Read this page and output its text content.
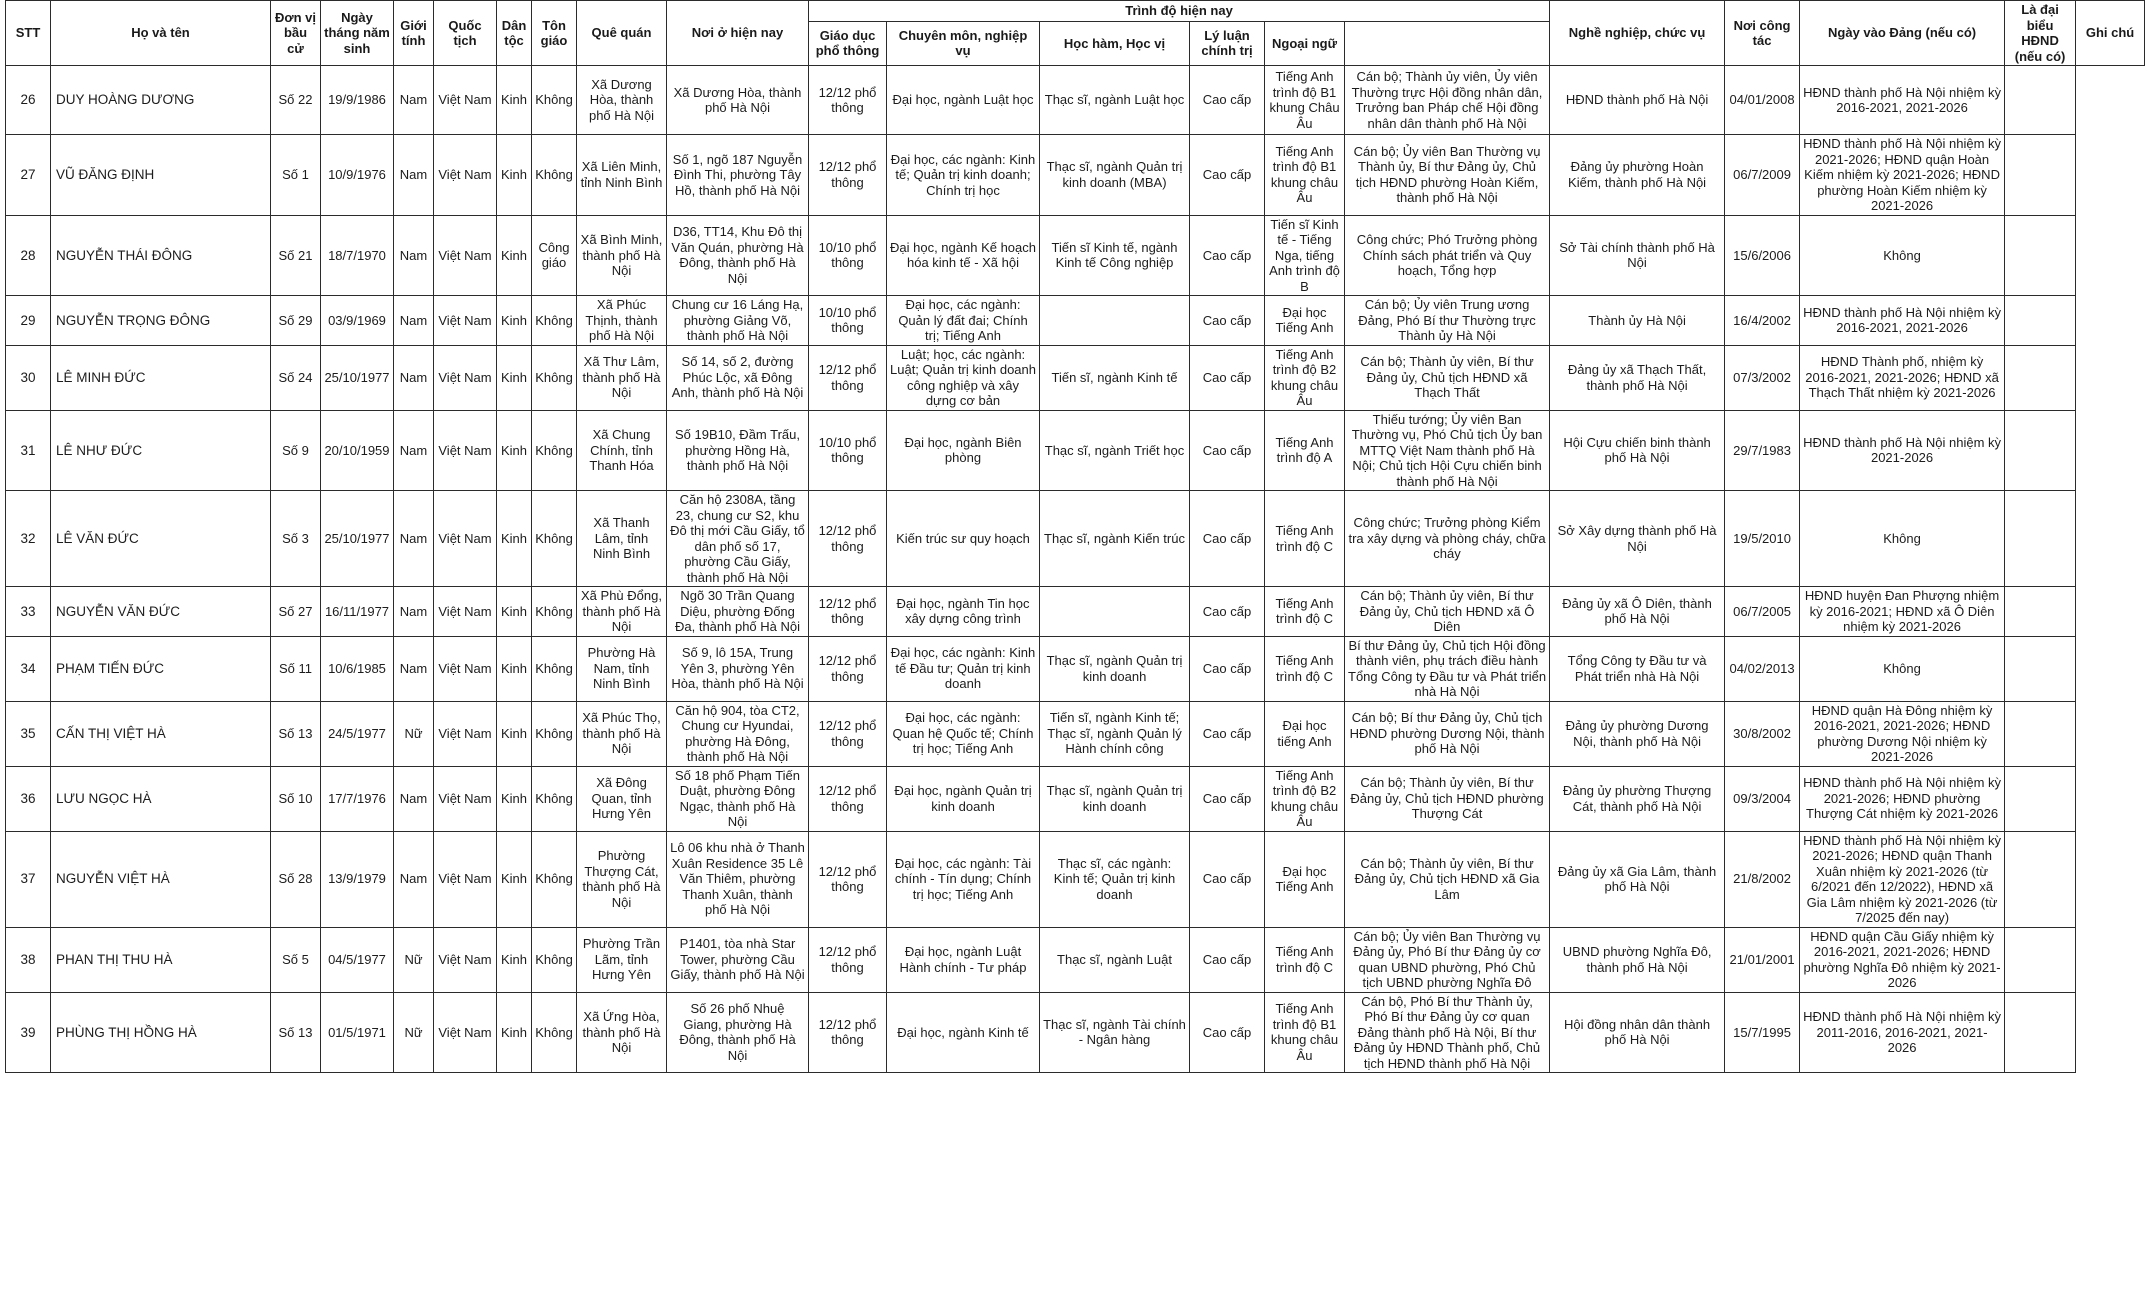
STT	Họ và tên	Đơn vị bầu cử	Ngày tháng năm sinh	Giới tính	Quốc tịch	Dân tộc	Tôn giáo	Quê quán	Nơi ở hiện nay	Trình độ hiện nay						Nghề nghiệp, chức vụ	Nơi công tác	Ngày vào Đảng (nếu có)	Là đại biểu HĐND (nếu có)	Ghi chú
										Giáo dục phổ thông	Chuyên môn, nghiệp vụ	Học hàm, Học vị	Lý luận chính trị	Ngoại ngữ						
26	DUY HOÀNG DƯƠNG	Số 22	19/9/1986	Nam	Việt Nam	Kinh	Không	Xã Dương Hòa, thành phố Hà Nội	Xã Dương Hòa, thành phố Hà Nội	12/12 phổ thông	Đại học, ngành Luật học	Thạc sĩ, ngành Luật học	Cao cấp	Tiếng Anh trình độ B1 khung Châu Âu	Cán bộ; Thành ủy viên, Ủy viên Thường trực Hội đồng nhân dân, Trưởng ban Pháp chế Hội đồng nhân dân thành phố Hà Nội	HĐND thành phố Hà Nội	04/01/2008	HĐND thành phố Hà Nội nhiệm kỳ 2016-2021, 2021-2026		
27	VŨ ĐĂNG ĐỊNH	Số 1	10/9/1976	Nam	Việt Nam	Kinh	Không	Xã Liên Minh, tỉnh Ninh Bình	Số 1, ngõ 187 Nguyễn Đình Thi, phường Tây Hồ, thành phố Hà Nội	12/12 phổ thông	Đại học, các ngành: Kinh tế; Quản trị kinh doanh; Chính trị học	Thạc sĩ, ngành Quản trị kinh doanh (MBA)	Cao cấp	Tiếng Anh trình độ B1 khung châu Âu	Cán bộ; Ủy viên Ban Thường vụ Thành ủy, Bí thư Đảng ủy, Chủ tịch HĐND phường Hoàn Kiếm, thành phố Hà Nội	Đảng ủy phường Hoàn Kiếm, thành phố Hà Nội	06/7/2009	HĐND thành phố Hà Nội nhiệm kỳ 2021-2026; HĐND quận Hoàn Kiếm nhiệm kỳ 2021-2026; HĐND phường Hoàn Kiếm nhiệm kỳ 2021-2026		
28	NGUYỄN THÁI ĐÔNG	Số 21	18/7/1970	Nam	Việt Nam	Kinh	Công giáo	Xã Bình Minh, thành phố Hà Nội	D36, TT14, Khu Đô thị Văn Quán, phường Hà Đông, thành phố Hà Nội	10/10 phổ thông	Đại học, ngành Kế hoạch hóa kinh tế - Xã hội	Tiến sĩ Kinh tế, ngành Kinh tế Công nghiệp	Cao cấp	Tiến sĩ Kinh tế - Tiếng Nga, tiếng Anh trình độ B	Công chức; Phó Trưởng phòng Chính sách phát triển và Quy hoạch, Tổng hợp	Sở Tài chính thành phố Hà Nội	15/6/2006	Không		
29	NGUYỄN TRỌNG ĐÔNG	Số 29	03/9/1969	Nam	Việt Nam	Kinh	Không	Xã Phúc Thịnh, thành phố Hà Nội	Chung cư 16 Láng Hạ, phường Giảng Võ, thành phố Hà Nội	10/10 phổ thông	Đại học, các ngành: Quản lý đất đai; Chính trị; Tiếng Anh		Cao cấp	Đại học Tiếng Anh	Cán bộ; Ủy viên Trung ương Đảng, Phó Bí thư Thường trực Thành ủy Hà Nội	Thành ủy Hà Nội	16/4/2002	HĐND thành phố Hà Nội nhiệm kỳ 2016-2021, 2021-2026		
30	LÊ MINH ĐỨC	Số 24	25/10/1977	Nam	Việt Nam	Kinh	Không	Xã Thư Lâm, thành phố Hà Nội	Số 14, số 2, đường Phúc Lộc, xã Đông Anh, thành phố Hà Nội	12/12 phổ thông	Luật; học, các ngành: Luật; Quản trị kinh doanh công nghiệp và xây dựng cơ bản	Tiến sĩ, ngành Kinh tế	Cao cấp	Tiếng Anh trình độ B2 khung châu Âu	Cán bộ; Thành ủy viên, Bí thư Đảng ủy, Chủ tịch HĐND xã Thạch Thất	Đảng ủy xã Thạch Thất, thành phố Hà Nội	07/3/2002	HĐND Thành phố, nhiệm kỳ 2016-2021, 2021-2026; HĐND xã Thạch Thất nhiệm kỳ 2021-2026		
31	LÊ NHƯ ĐỨC	Số 9	20/10/1959	Nam	Việt Nam	Kinh	Không	Xã Chung Chính, tỉnh Thanh Hóa	Số 19B10, Đầm Trấu, phường Hồng Hà, thành phố Hà Nội	10/10 phổ thông	Đại học, ngành Biên phòng	Thạc sĩ, ngành Triết học	Cao cấp	Tiếng Anh trình độ A	Thiếu tướng; Ủy viên Ban Thường vụ, Phó Chủ tịch Ủy ban MTTQ Việt Nam thành phố Hà Nội; Chủ tịch Hội Cựu chiến binh thành phố Hà Nội	Hội Cựu chiến binh thành phố Hà Nội	29/7/1983	HĐND thành phố Hà Nội nhiệm kỳ 2021-2026		
32	LÊ VĂN ĐỨC	Số 3	25/10/1977	Nam	Việt Nam	Kinh	Không	Xã Thanh Lâm, tỉnh Ninh Bình	Căn hộ 2308A, tầng 23, chung cư S2, khu Đô thị mới Cầu Giấy, tổ dân phố số 17, phường Cầu Giấy, thành phố Hà Nội	12/12 phổ thông	Kiến trúc sư quy hoạch	Thạc sĩ, ngành Kiến trúc	Cao cấp	Tiếng Anh trình độ C	Công chức; Trưởng phòng Kiểm tra xây dựng và phòng cháy, chữa cháy	Sở Xây dựng thành phố Hà Nội	19/5/2010	Không		
33	NGUYỄN VĂN ĐỨC	Số 27	16/11/1977	Nam	Việt Nam	Kinh	Không	Xã Phù Đổng, thành phố Hà Nội	Ngõ 30 Trần Quang Diệu, phường Đống Đa, thành phố Hà Nội	12/12 phổ thông	Đại học, ngành Tin học xây dựng công trình		Cao cấp	Tiếng Anh trình độ C	Cán bộ; Thành ủy viên, Bí thư Đảng ủy, Chủ tịch HĐND xã Ô Diên	Đảng ủy xã Ô Diên, thành phố Hà Nội	06/7/2005	HĐND huyện Đan Phượng nhiệm kỳ 2016-2021; HĐND xã Ô Diên nhiệm kỳ 2021-2026		
34	PHẠM TIẾN ĐỨC	Số 11	10/6/1985	Nam	Việt Nam	Kinh	Không	Phường Hà Nam, tỉnh Ninh Bình	Số 9, lô 15A, Trung Yên 3, phường Yên Hòa, thành phố Hà Nội	12/12 phổ thông	Đại học, các ngành: Kinh tế Đầu tư; Quản trị kinh doanh	Thạc sĩ, ngành Quản trị kinh doanh	Cao cấp	Tiếng Anh trình độ C	Bí thư Đảng ủy, Chủ tịch Hội đồng thành viên, phụ trách điều hành Tổng Công ty Đầu tư và Phát triển nhà Hà Nội	Tổng Công ty Đầu tư và Phát triển nhà Hà Nội	04/02/2013	Không		
35	CẤN THỊ VIỆT HÀ	Số 13	24/5/1977	Nữ	Việt Nam	Kinh	Không	Xã Phúc Thọ, thành phố Hà Nội	Căn hộ 904, tòa CT2, Chung cư Hyundai, phường Hà Đông, thành phố Hà Nội	12/12 phổ thông	Đại học, các ngành: Quan hệ Quốc tế; Chính trị học; Tiếng Anh	Tiến sĩ, ngành Kinh tế; Thạc sĩ, ngành Quản lý Hành chính công	Cao cấp	Đại học tiếng Anh	Cán bộ; Bí thư Đảng ủy, Chủ tịch HĐND phường Dương Nội, thành phố Hà Nội	Đảng ủy phường Dương Nội, thành phố Hà Nội	30/8/2002	HĐND quận Hà Đông nhiệm kỳ 2016-2021, 2021-2026; HĐND phường Dương Nội nhiệm kỳ 2021-2026		
36	LƯU NGỌC HÀ	Số 10	17/7/1976	Nam	Việt Nam	Kinh	Không	Xã Đông Quan, tỉnh Hưng Yên	Số 18 phố Phạm Tiến Duật, phường Đông Ngạc, thành phố Hà Nội	12/12 phổ thông	Đại học, ngành Quản trị kinh doanh	Thạc sĩ, ngành Quản trị kinh doanh	Cao cấp	Tiếng Anh trình độ B2 khung châu Âu	Cán bộ; Thành ủy viên, Bí thư Đảng ủy, Chủ tịch HĐND phường Thượng Cát	Đảng ủy phường Thượng Cát, thành phố Hà Nội	09/3/2004	HĐND thành phố Hà Nội nhiệm kỳ 2021-2026; HĐND phường Thượng Cát nhiệm kỳ 2021-2026		
37	NGUYỄN VIỆT HÀ	Số 28	13/9/1979	Nam	Việt Nam	Kinh	Không	Phường Thượng Cát, thành phố Hà Nội	Lô 06 khu nhà ở Thanh Xuân Residence 35 Lê Văn Thiêm, phường Thanh Xuân, thành phố Hà Nội	12/12 phổ thông	Đại học, các ngành: Tài chính - Tín dụng; Chính trị học; Tiếng Anh	Thạc sĩ, các ngành: Kinh tế; Quản trị kinh doanh	Cao cấp	Đại học Tiếng Anh	Cán bộ; Thành ủy viên, Bí thư Đảng ủy, Chủ tịch HĐND xã Gia Lâm	Đảng ủy xã Gia Lâm, thành phố Hà Nội	21/8/2002	HĐND thành phố Hà Nội nhiệm kỳ 2021-2026; HĐND quận Thanh Xuân nhiệm kỳ 2021-2026 (từ 6/2021 đến 12/2022), HĐND xã Gia Lâm nhiệm kỳ 2021-2026 (từ 7/2025 đến nay)		
38	PHAN THỊ THU HÀ	Số 5	04/5/1977	Nữ	Việt Nam	Kinh	Không	Phường Trần Lãm, tỉnh Hưng Yên	P1401, tòa nhà Star Tower, phường Cầu Giấy, thành phố Hà Nội	12/12 phổ thông	Đại học, ngành Luật Hành chính - Tư pháp	Thạc sĩ, ngành Luật	Cao cấp	Tiếng Anh trình độ C	Cán bộ; Ủy viên Ban Thường vụ Đảng ủy, Phó Bí thư Đảng ủy cơ quan UBND phường, Phó Chủ tịch UBND phường Nghĩa Đô	UBND phường Nghĩa Đô, thành phố Hà Nội	21/01/2001	HĐND quận Cầu Giấy nhiệm kỳ 2016-2021, 2021-2026; HĐND phường Nghĩa Đô nhiệm kỳ 2021-2026		
39	PHÙNG THỊ HỒNG HÀ	Số 13	01/5/1971	Nữ	Việt Nam	Kinh	Không	Xã Ứng Hòa, thành phố Hà Nội	Số 26 phố Nhuệ Giang, phường Hà Đông, thành phố Hà Nội	12/12 phổ thông	Đại học, ngành Kinh tế	Thạc sĩ, ngành Tài chính - Ngân hàng	Cao cấp	Tiếng Anh trình độ B1 khung châu Âu	Cán bộ, Phó Bí thư Thành ủy, Phó Bí thư Đảng ủy cơ quan Đảng thành phố Hà Nội, Bí thư Đảng ủy HĐND Thành phố, Chủ tịch HĐND thành phố Hà Nội	Hội đồng nhân dân thành phố Hà Nội	15/7/1995	HĐND thành phố Hà Nội nhiệm kỳ 2011-2016, 2016-2021, 2021-2026		
